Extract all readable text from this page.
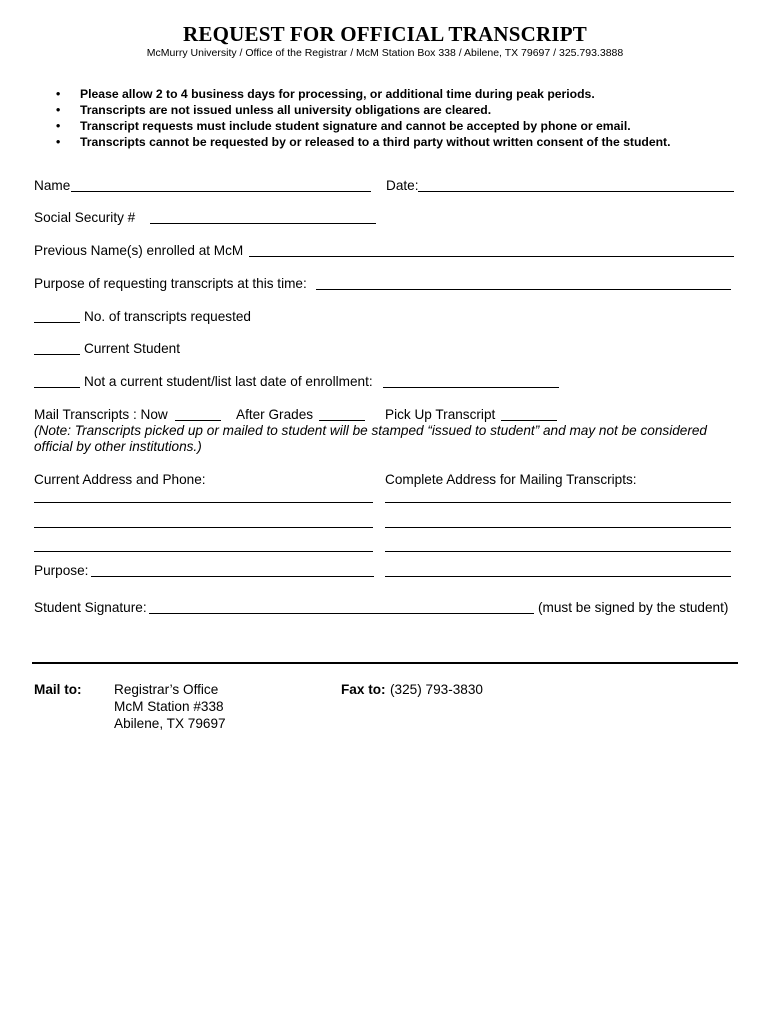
REQUEST FOR OFFICIAL TRANSCRIPT
McMurry University / Office of the Registrar / McM Station Box 338 / Abilene, TX 79697 / 325.793.3888
• Please allow 2 to 4 business days for processing, or additional time during peak periods.
• Transcripts are not issued unless all university obligations are cleared.
• Transcript requests must include student signature and cannot be accepted by phone or email.
• Transcripts cannot be requested by or released to a third party without written consent of the student.
Name	Date:
Social Security #
Previous Name(s) enrolled at McM
Purpose of requesting transcripts at this time:
No. of transcripts requested
Current Student
Not a current student/list last date of enrollment:
Mail Transcripts : Now	After Grades	Pick Up Transcript
(Note: Transcripts picked up or mailed to student will be stamped “issued to student” and may not be considered official by other institutions.)
Current Address and Phone:	Complete Address for Mailing Transcripts:
Purpose:
Student Signature:	(must be signed by the student)
Mail to: Registrar’s Office
McM Station #338
Abilene, TX 79697
Fax to: (325) 793-3830
